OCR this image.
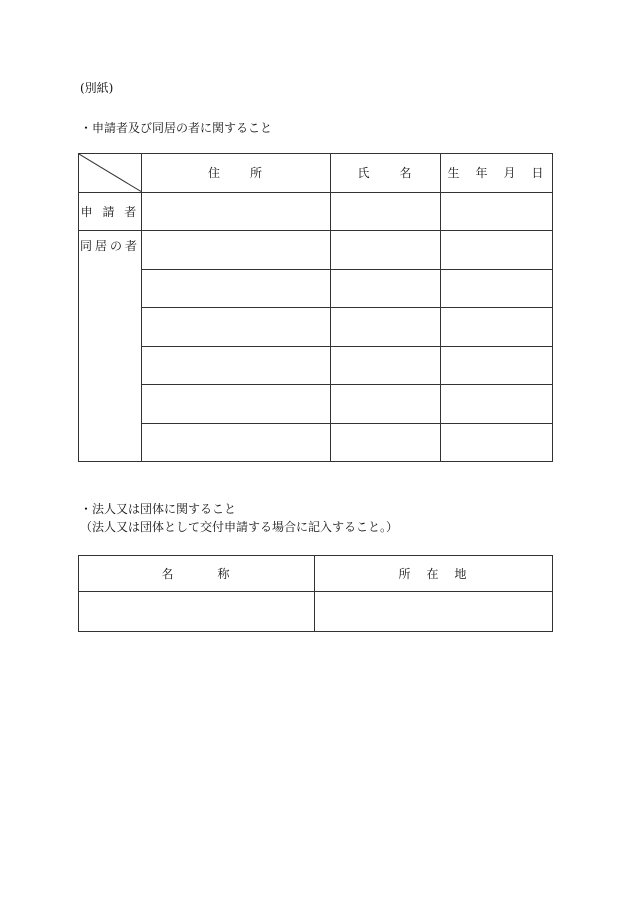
(別紙)
・申請者及び同居の者に関すること
	住　　所	氏　　名	生　年　月　日
申 請 者			
同居の者			

・法人又は団体に関すること
（法人又は団体として交付申請する場合に記入すること。）
名　　　称	所　在　地
